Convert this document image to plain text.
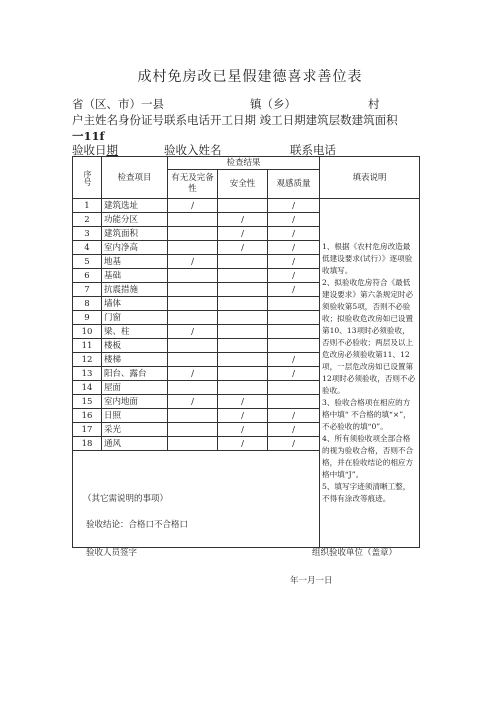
成村免房改已星假建德喜求善位表
省（区、市）一县	镇（乡）	村
户主姓名身份证号联系电话开工日期 竣工日期建筑层数建筑面积
一11f
验收日期	验收入姓名	联系电话
序号	检查项目	检查结果			填表说明
		有无及完备性	安全性	观感质量	
1	建筑选址	/		/	1、根据《农村危房改造最低建设要求(试行）》逐项验收填写。

2、拟验收危房符合《最低建设要求》第六条规定时必须验收第5项，否则不必验收；拟验收危改房如已设置第10、13项时必须验收，否则不必验收；两层及以上危改房必须验收第11、12项，一层危改房如已设置第12项时必须验收，否则不必验收。

3、验收合格项在相应的方格中填“ 不合格的填“×”，不必验收的填“0”。

4、所有须验收项全部合格的视为验收合格，否则不合格，并在验收结论的相应方格中填“J”。

5、填写字迹须清晰工整，不得有涂改等痕迹。

2	功能分区		/	/	
3	建筑面积		/	/	
4	室内净高		/	/	
5	地基	/		/	
6	基础			/	
7	抗震措施			/	
8	墙体				
9	门窗				
10	梁、柱	/			
11	楼板				
12	楼梯			/	
13	阳台、露台	/		/	
14	屋面				
15	室内地面	/	/		
16	日照		/	/	
17	采光		/	/	
18	通风		/	/	
（其它需说明的事项）					
验收结论：合格口不合格口
验收人员签字	组织验收单位（盖章）
年一月一日
